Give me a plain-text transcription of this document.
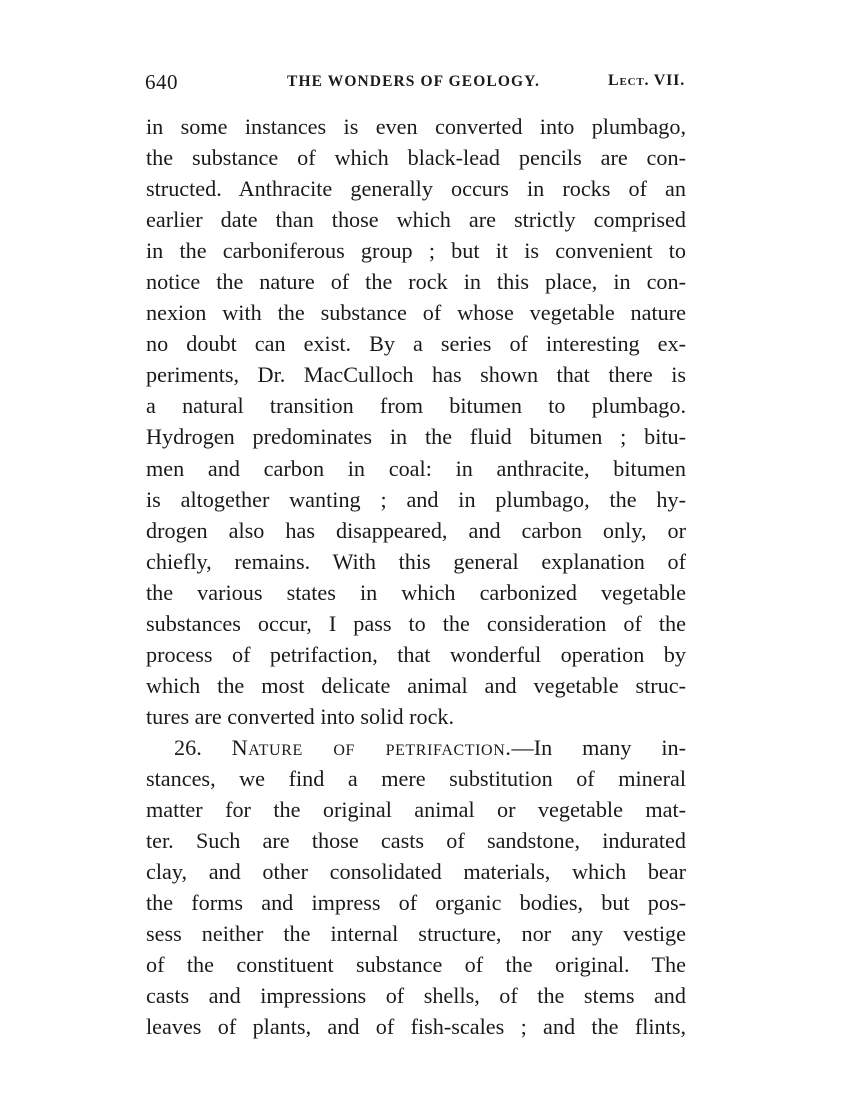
640	THE WONDERS OF GEOLOGY.	Lect. VII.
in some instances is even converted into plumbago,
the substance of which black-lead pencils are con-
structed. Anthracite generally occurs in rocks of an
earlier date than those which are strictly comprised
in the carboniferous group ; but it is convenient to
notice the nature of the rock in this place, in con-
nexion with the substance of whose vegetable nature
no doubt can exist. By a series of interesting ex-
periments, Dr. MacCulloch has shown that there is
a natural transition from bitumen to plumbago.
Hydrogen predominates in the fluid bitumen ; bitu-
men and carbon in coal: in anthracite, bitumen
is altogether wanting ; and in plumbago, the hy-
drogen also has disappeared, and carbon only, or
chiefly, remains. With this general explanation of
the various states in which carbonized vegetable
substances occur, I pass to the consideration of the
process of petrifaction, that wonderful operation by
which the most delicate animal and vegetable struc-
tures are converted into solid rock.
26. Nature of petrifaction.—In many in-
stances, we find a mere substitution of mineral
matter for the original animal or vegetable mat-
ter. Such are those casts of sandstone, indurated
clay, and other consolidated materials, which bear
the forms and impress of organic bodies, but pos-
sess neither the internal structure, nor any vestige
of the constituent substance of the original. The
casts and impressions of shells, of the stems and
leaves of plants, and of fish-scales ; and the flints,
